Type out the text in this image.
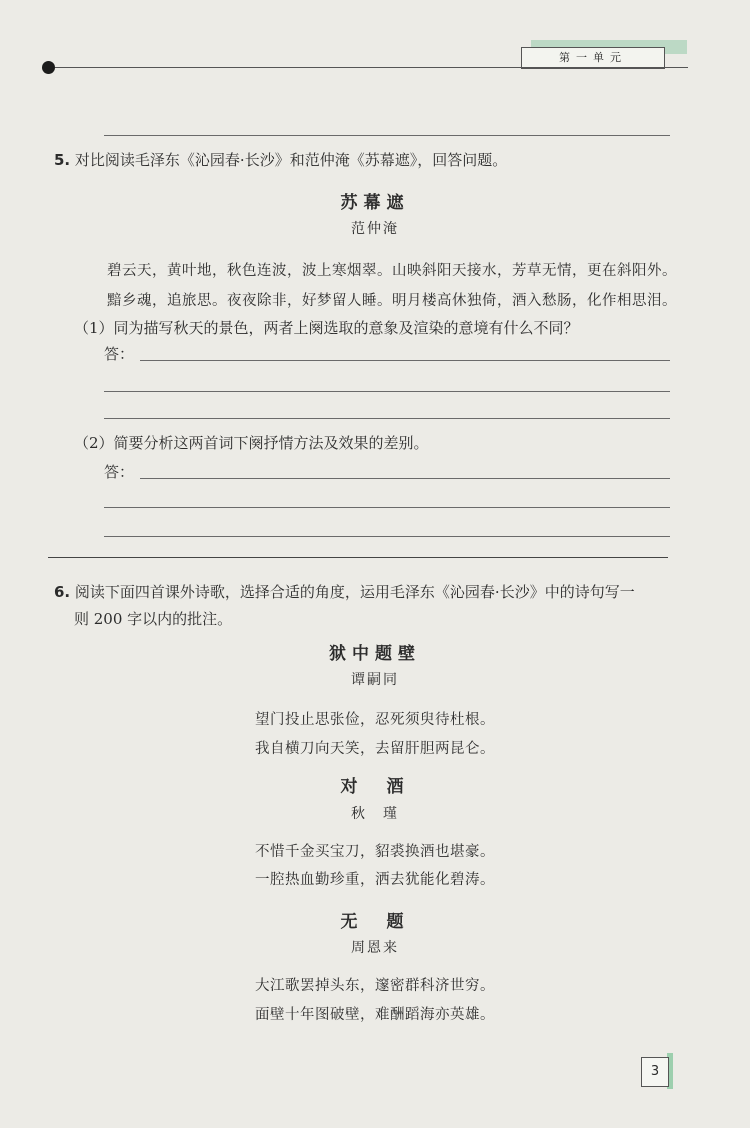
第一单元
5. 对比阅读毛泽东《沁园春·长沙》和范仲淹《苏幕遮》，回答问题。
苏幕遮
范仲淹
碧云天，黄叶地，秋色连波，波上寒烟翠。山映斜阳天接水，芳草无情，更在斜阳外。
黯乡魂，追旅思。夜夜除非，好梦留人睡。明月楼高休独倚，酒入愁肠，化作相思泪。
（1）同为描写秋天的景色，两者上阕选取的意象及渲染的意境有什么不同？
答：
（2）简要分析这两首词下阕抒情方法及效果的差别。
答：
6. 阅读下面四首课外诗歌，选择合适的角度，运用毛泽东《沁园春·长沙》中的诗句写一
则 200 字以内的批注。
狱中题壁
谭嗣同
望门投止思张俭，忍死须臾待杜根。
我自横刀向天笑，去留肝胆两昆仑。
对　酒
秋　瑾
不惜千金买宝刀，貂裘换酒也堪豪。
一腔热血勤珍重，洒去犹能化碧涛。
无　题
周恩来
大江歌罢掉头东，邃密群科济世穷。
面壁十年图破壁，难酬蹈海亦英雄。
3
